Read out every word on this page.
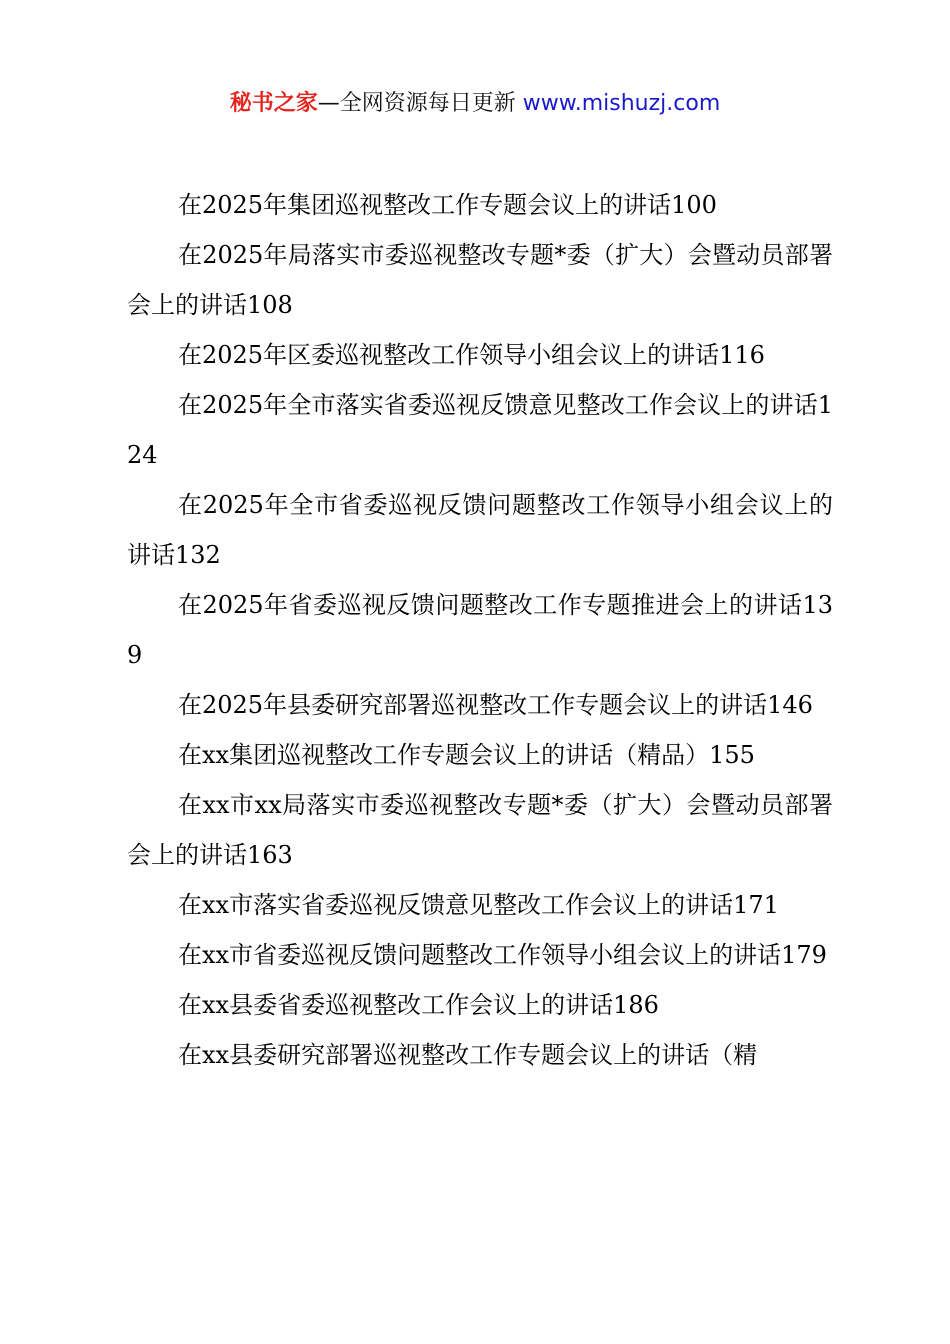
秘书之家—全网资源每日更新 www.mishuzj.com

在2025年集团巡视整改工作专题会议上的讲话100

在2025年局落实市委巡视整改专题*委（扩大）会暨动员部署会上的讲话108

在2025年区委巡视整改工作领导小组会议上的讲话116

在2025年全市落实省委巡视反馈意见整改工作会议上的讲话124

在2025年全市省委巡视反馈问题整改工作领导小组会议上的讲话132

在2025年省委巡视反馈问题整改工作专题推进会上的讲话139

在2025年县委研究部署巡视整改工作专题会议上的讲话146

在xx集团巡视整改工作专题会议上的讲话（精品）155

在xx市xx局落实市委巡视整改专题*委（扩大）会暨动员部署会上的讲话163

在xx市落实省委巡视反馈意见整改工作会议上的讲话171

在xx市省委巡视反馈问题整改工作领导小组会议上的讲话179

在xx县委省委巡视整改工作会议上的讲话186

在xx县委研究部署巡视整改工作专题会议上的讲话（精
